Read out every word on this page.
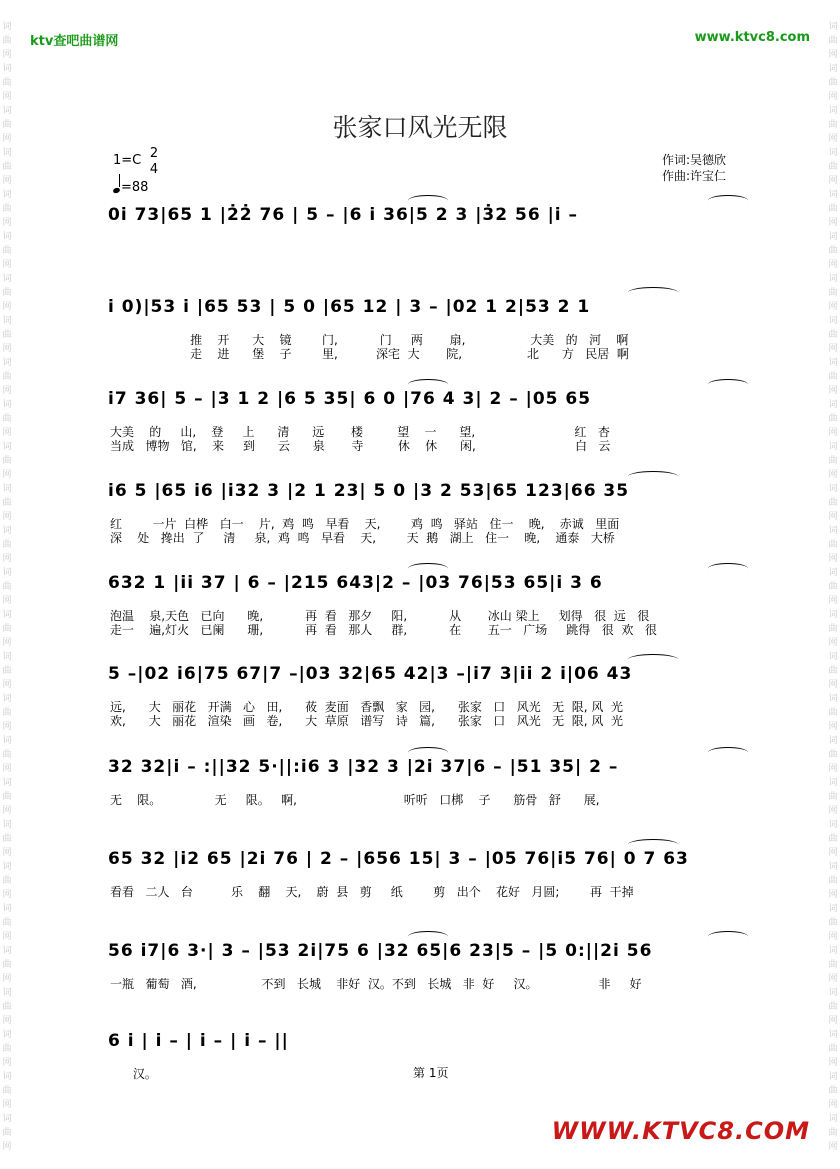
词曲网词曲网词曲网词曲网词曲网词曲网词曲网词曲网词曲网词曲网词曲网词曲网词曲网词曲网词曲网词曲网词曲网词曲网词曲网词曲网词曲网词曲网词曲网词曲网词曲网词曲网词曲网
词曲网词曲网词曲网词曲网词曲网词曲网词曲网词曲网词曲网词曲网词曲网词曲网词曲网词曲网词曲网词曲网词曲网词曲网词曲网词曲网词曲网词曲网词曲网词曲网词曲网词曲网词曲网
ktv查吧曲谱网	www.ktvc8.com
张家口风光无限
1=C 2
4
=88
作词:吴德欣
作曲:许宝仁
0i 73|65 1 |2̇2̇ 76 | 5 – |6 i 36|5 2 3 |3̇2 56 |i –
i 0)|53 i |65 53 | 5 0 |65 12 | 3 – |02 1 2|53 2 1
推    开      大    镜        门,           门     两       扇,                 大美   的   河    啊
走    进      堡    子        里,          深宅  大       院,                 北      方   民居  啊
i7 36| 5 – |3 1 2 |6 5 35| 6 0 |76 4 3| 2 – |05 65
大美    的     山,    登     上      清      远       楼         望    一      望,                          红   杏
当成   博物   馆,    来     到      云      泉       寺         休    休      闲,                          白   云
i6 5 |65 i6 |i32 3 |2 1 23| 5 0 |3 2 53|65 123|66 35
红        一片  白桦   白一    片,  鸡  鸣   早看    天,        鸡  鸣   驿站   住一    晚,    赤诚   里面
深    处   搀出  了     清     泉,  鸡  鸣   早看    天,        天  鹅   湖上   住一    晚,    通泰   大桥
632 1 |ii 37 | 6 – |215 643|2 – |03 76|53 65|i 3 6
泡温    泉,天色   已向      晚,           再  看   那夕     阳,           从       冰山 梁上     划得   很  远   很
走一    遍,灯火   已阑      珊,           再  看   那人     群,           在       五一   广场     跳得   很  欢   很
5 –|02 i6|75 67|7 –|03 32|65 42|3 –|i7 3|ii 2 i|06 43
远,      大   丽花   开满   心   田,      莜  麦面   香飘   家   园,      张家   口   风光   无  限, 风  光
欢,      大   丽花   渲染   画   卷,      大  草原   谱写   诗   篇,      张家   口   风光   无  限, 风  光
32 32|i – :||32 5·||:i6 3 |32 3 |2i 37|6 – |51 35| 2 –
无    限。              无     限。   啊,                            听听   口梆    子      筋骨   舒      展,
65 32 |i2 65 |2i 76 | 2 – |656 15| 3 – |05 76|i5 76| 0 7 63
看看   二人   台          乐    翻    天,    蔚  县   剪     纸        剪   出个    花好   月圆;        再  干掉
56 i7|6 3·| 3 – |53 2i|75 6 |32 65|6 23|5 – |5 0:||2i 56
一瓶   葡萄   酒,                 不到   长城    非好  汉。不到   长城   非  好     汉。                非     好
6 i | i – | i – | i – ||
汉。	第 1页
WWW.KTVC8.COM
